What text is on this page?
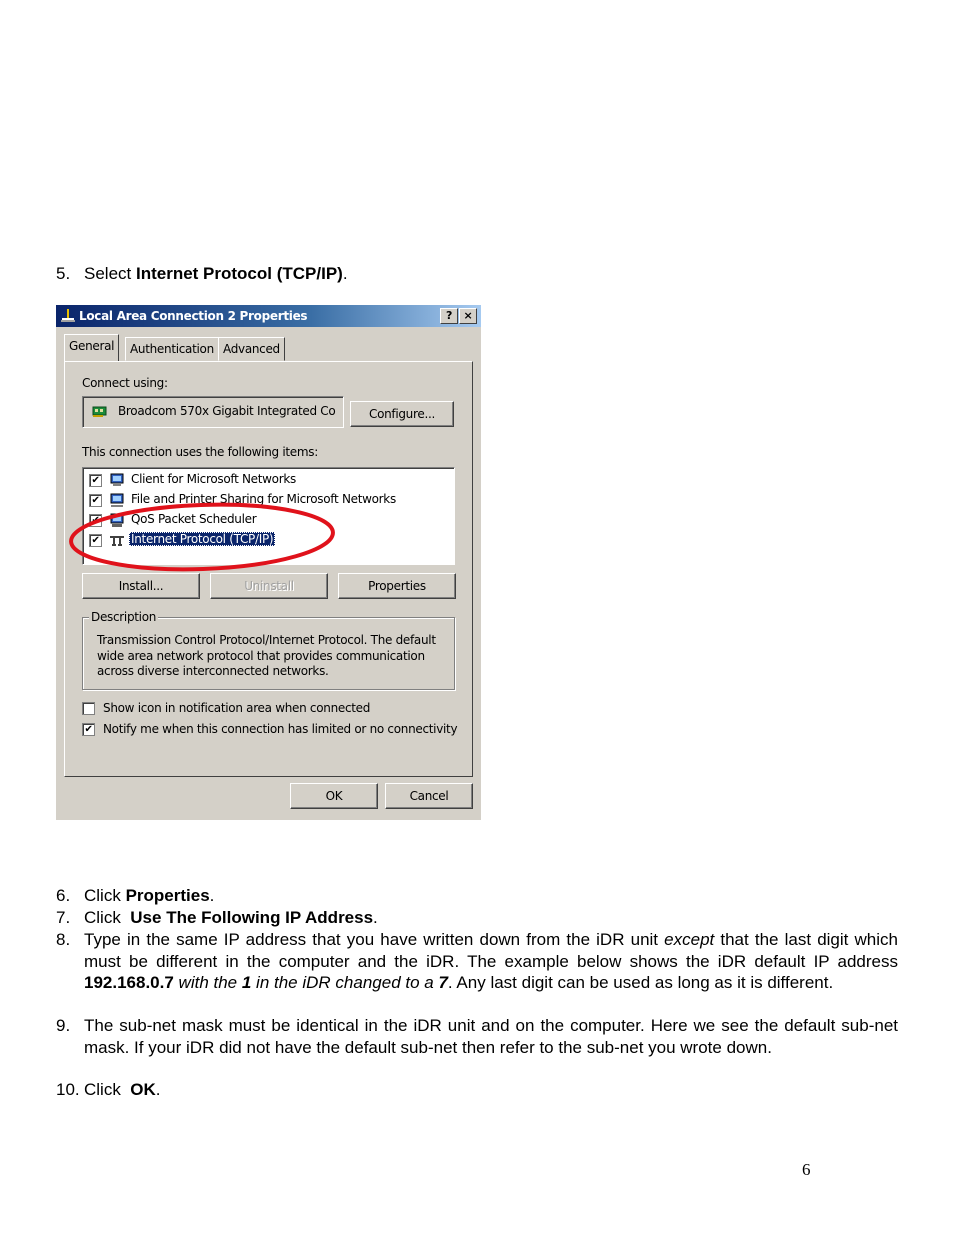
5. Select Internet Protocol (TCP/IP).
Local Area Connection 2 Properties	?	×
General	Authentication Advanced
Connect using:
Broadcom 570x Gigabit Integrated Co	Configure...
This connection uses the following items:
✔	Client for Microsoft Networks
✔	File and Printer Sharing for Microsoft Networks
✔	QoS Packet Scheduler
✔	Internet Protocol (TCP/IP)
Install...	Uninstall	Properties
Description
Transmission Control Protocol/Internet Protocol. The default
wide area network protocol that provides communication
across diverse interconnected networks.
Show icon in notification area when connected
✔ Notify me when this connection has limited or no connectivity
OK	Cancel
6. Click Properties.
7. Click  Use The Following IP Address.
8. Type in the same IP address that you have written down from the iDR unit except that the last digit which must be different in the computer and the iDR. The example below shows the iDR default IP address 192.168.0.7 with the 1 in the iDR changed to a 7. Any last digit can be used as long as it is different.
9. The sub-net mask must be identical in the iDR unit and on the computer. Here we see the default sub-net mask. If your iDR did not have the default sub-net then refer to the sub-net you wrote down.
10. Click  OK.
6
